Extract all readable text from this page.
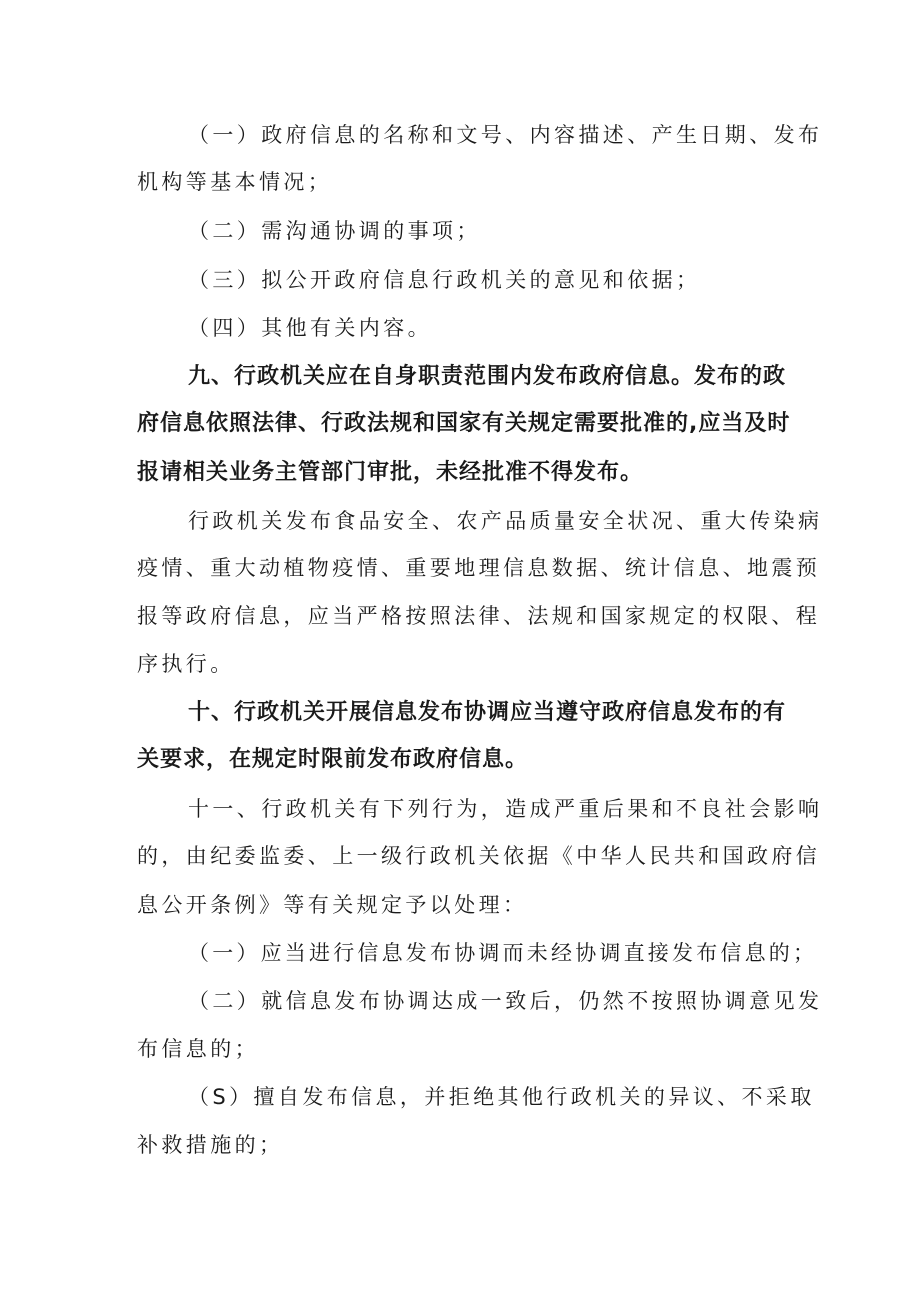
（一）政府信息的名称和文号、内容描述、产生日期、发布

机构等基本情况；

（二）需沟通协调的事项；

（三）拟公开政府信息行政机关的意见和依据；

（四）其他有关内容。

九、行政机关应在自身职责范围内发布政府信息。发布的政

府信息依照法律、行政法规和国家有关规定需要批准的,应当及时

报请相关业务主管部门审批，未经批准不得发布。

行政机关发布食品安全、农产品质量安全状况、重大传染病

疫情、重大动植物疫情、重要地理信息数据、统计信息、地震预

报等政府信息，应当严格按照法律、法规和国家规定的权限、程

序执行。

十、行政机关开展信息发布协调应当遵守政府信息发布的有

关要求，在规定时限前发布政府信息。

十一、行政机关有下列行为，造成严重后果和不良社会影响

的，由纪委监委、上一级行政机关依据《中华人民共和国政府信

息公开条例》等有关规定予以处理：

（一）应当进行信息发布协调而未经协调直接发布信息的；

（二）就信息发布协调达成一致后，仍然不按照协调意见发

布信息的；

（S）擅自发布信息，并拒绝其他行政机关的异议、不采取

补救措施的；
